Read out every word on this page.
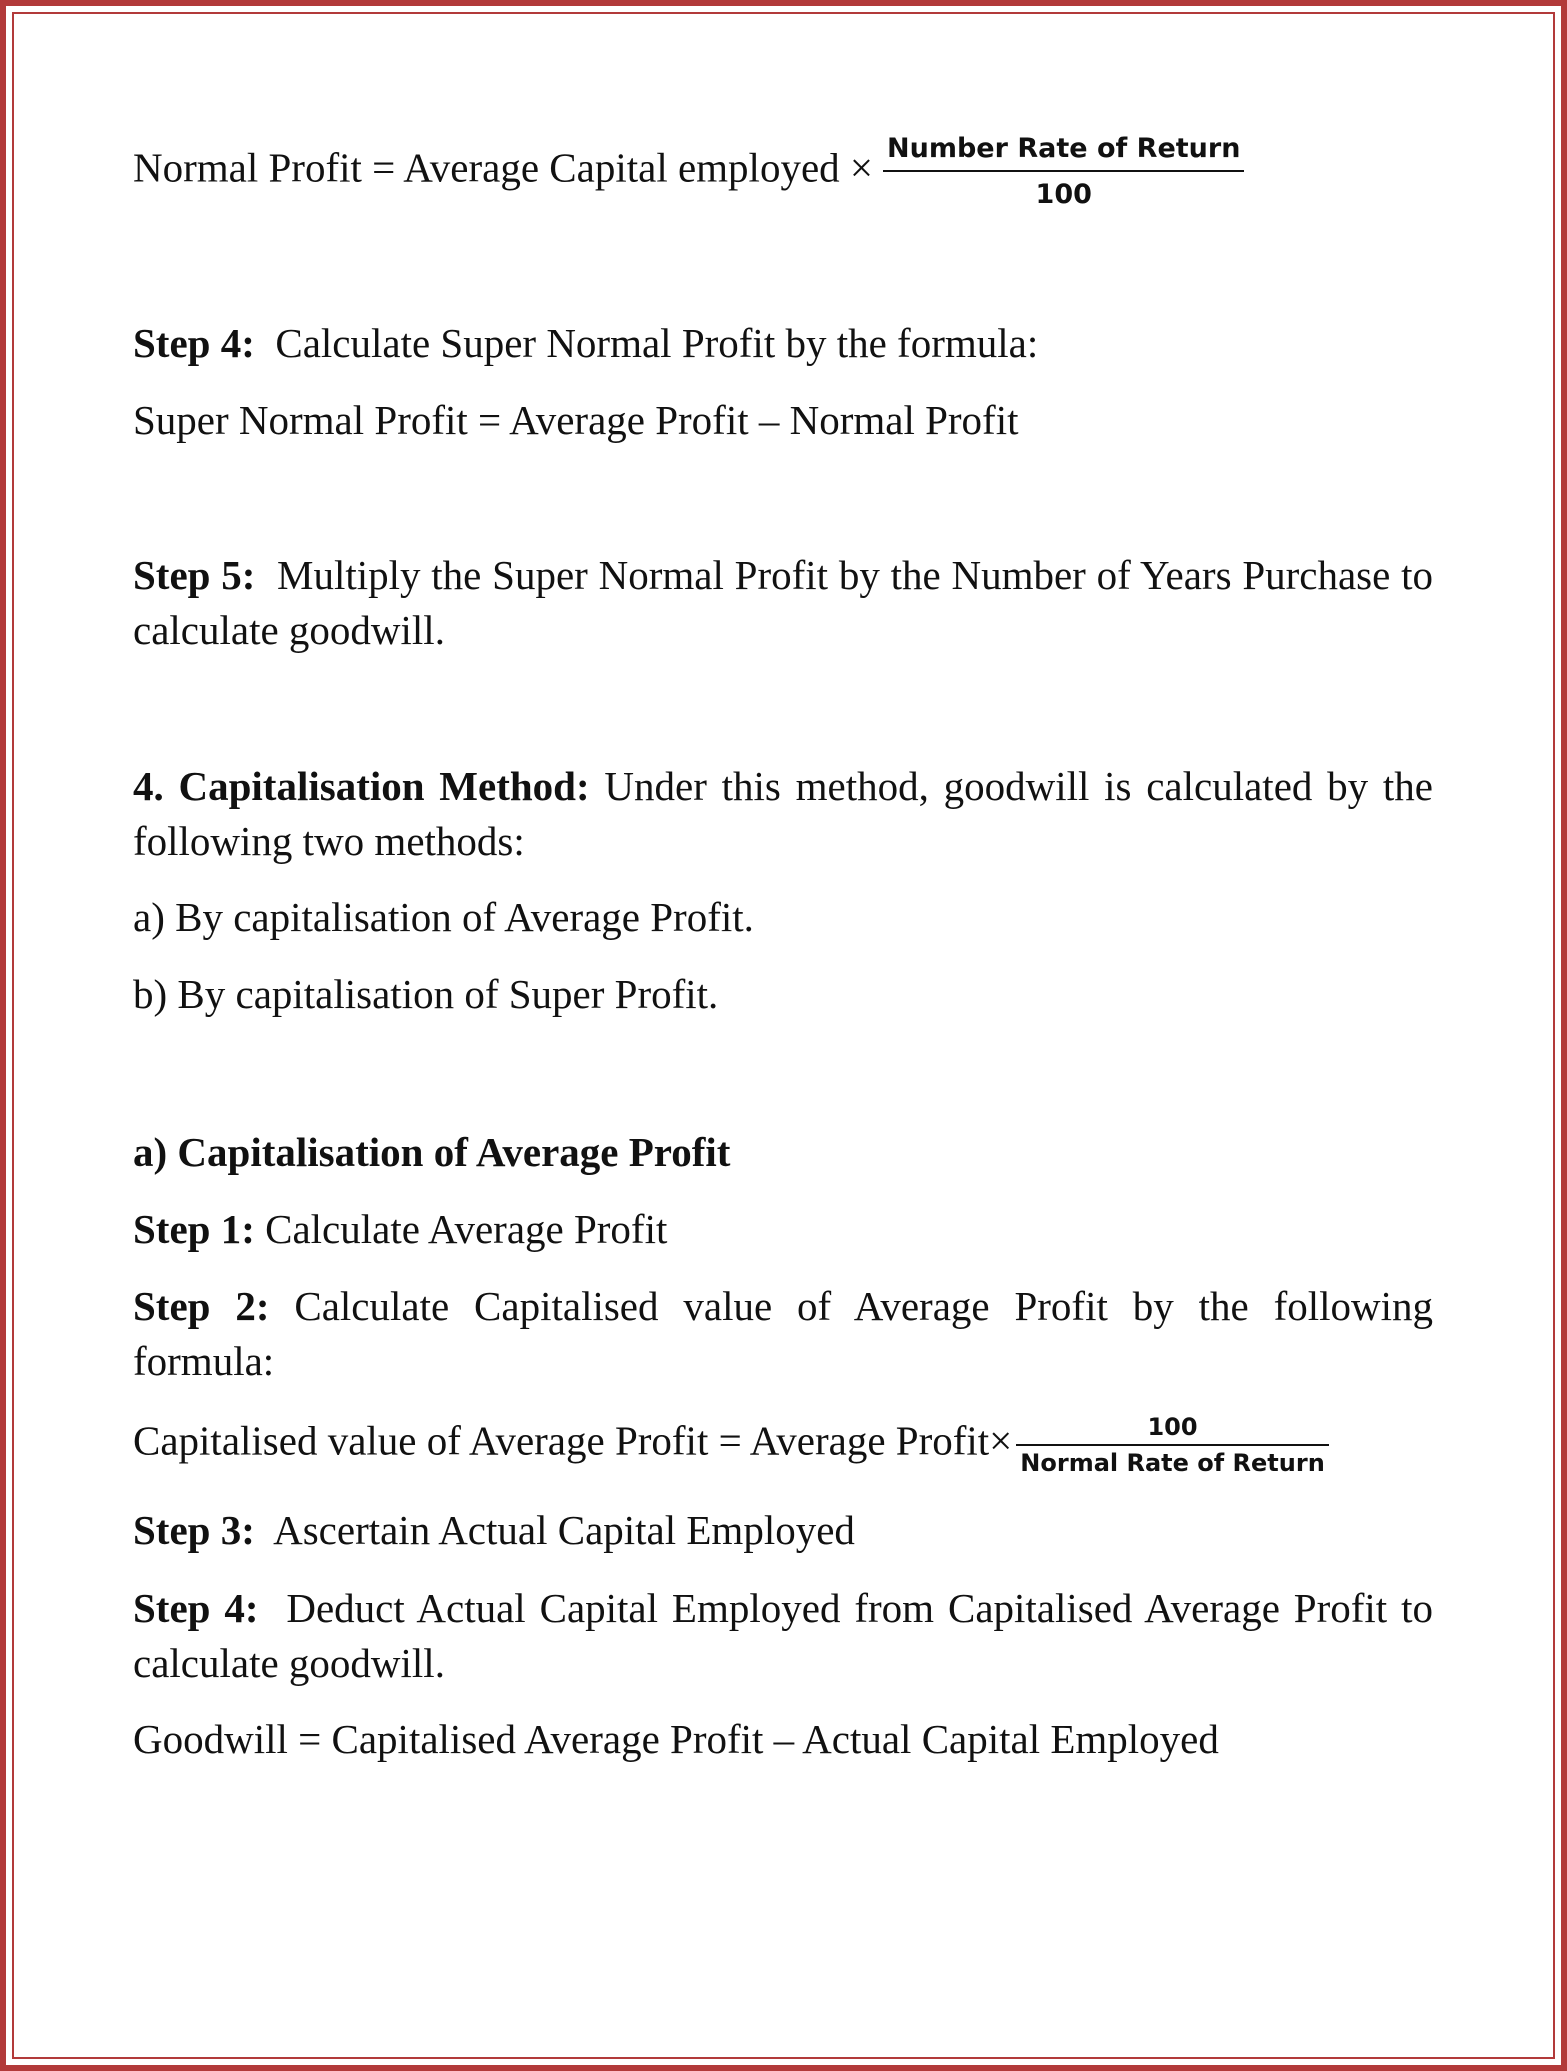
Normal Profit = Average Capital employed × $\frac{\text{Number Rate of Return}}{100}$
Step 4: Calculate Super Normal Profit by the formula:
Super Normal Profit = Average Profit – Normal Profit
Step 5: Multiply the Super Normal Profit by the Number of Years Purchase to calculate goodwill.
4. Capitalisation Method: Under this method, goodwill is calculated by the following two methods:
a) By capitalisation of Average Profit.
b) By capitalisation of Super Profit.
a) Capitalisation of Average Profit
Step 1: Calculate Average Profit
Step 2: Calculate Capitalised value of Average Profit by the following formula:
Capitalised value of Average Profit = Average Profit× $\frac{100}{\text{Normal Rate of Return}}$
Step 3: Ascertain Actual Capital Employed
Step 4: Deduct Actual Capital Employed from Capitalised Average Profit to calculate goodwill.
Goodwill = Capitalised Average Profit – Actual Capital Employed
